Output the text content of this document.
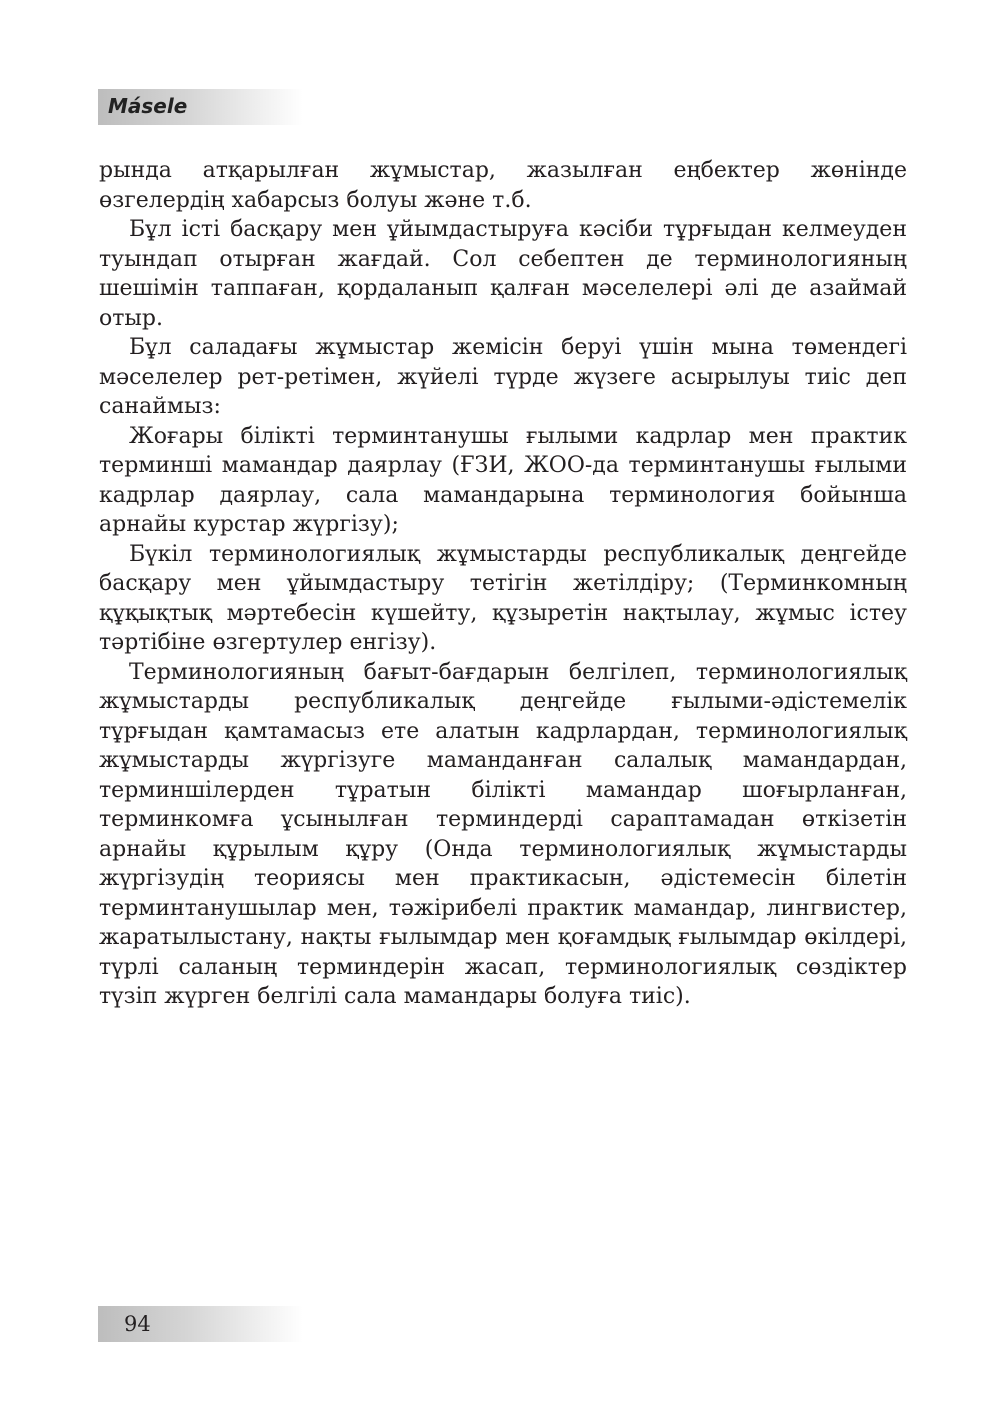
Másele

рында атқарылған жұмыстар, жазылған еңбектер жөнінде өзгелердің хабарсыз болуы және т.б.

Бұл істі басқару мен ұйымдастыруға кәсіби тұрғыдан келмеуден туындап отырған жағдай. Сол себептен де терминологияның шешімін таппаған, қордаланып қалған мәселелері әлі де азаймай отыр.

Бұл саладағы жұмыстар жемісін беруі үшін мына төмендегі мәселелер рет-ретімен, жүйелі түрде жүзеге асырылуы тиіс деп санаймыз:

Жоғары білікті терминтанушы ғылыми кадрлар мен практик терминші мамандар даярлау (ҒЗИ, ЖОО-да терминтанушы ғылыми кадрлар даярлау, сала мамандарына терминология бойынша арнайы курстар жүргізу);

Бүкіл терминологиялық жұмыстарды республикалық деңгейде басқару мен ұйымдастыру тетігін жетілдіру; (Терминкомның құқықтық мәртебесін күшейту, құзыретін нақтылау, жұмыс істеу тәртібіне өзгертулер енгізу).

Терминологияның бағыт-бағдарын белгілеп, терминологиялық жұмыстарды республикалық деңгейде ғылыми-әдістемелік тұрғыдан қамтамасыз ете алатын кадрлардан, терминологиялық жұмыстарды жүргізуге маманданған салалық мамандардан, терминшілерден тұратын білікті мамандар шоғырланған, терминкомға ұсынылған терминдерді сараптамадан өткізетін арнайы құрылым құру (Онда терминологиялық жұмыстарды жүргізудің теориясы мен практикасын, әдістемесін білетін терминтанушылар мен, тәжірибелі практик мамандар, лингвистер, жаратылыстану, нақты ғылымдар мен қоғамдық ғылымдар өкілдері, түрлі саланың терминдерін жасап, терминологиялық сөздіктер түзіп жүрген белгілі сала мамандары болуға тиіс).

94
